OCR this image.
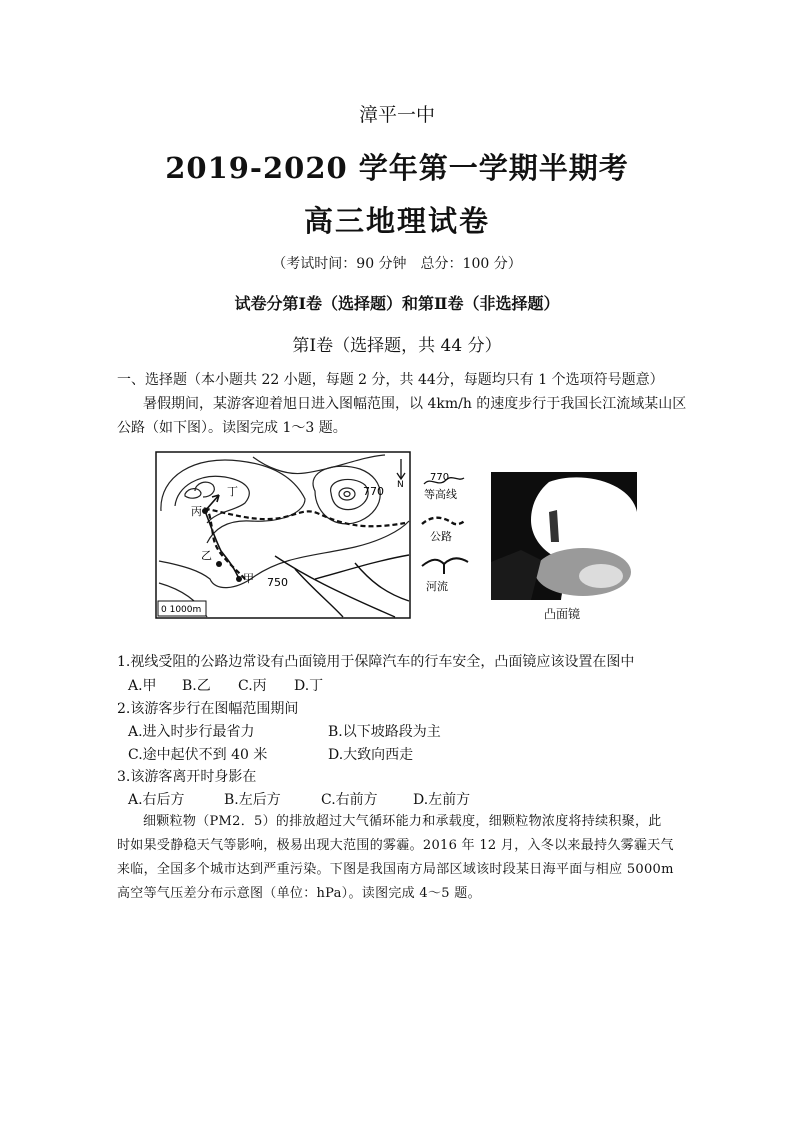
漳平一中
2019-2020 学年第一学期半期考
高三地理试卷
（考试时间：90 分钟　总分：100 分）
试卷分第Ⅰ卷（选择题）和第Ⅱ卷（非选择题）
第Ⅰ卷（选择题，共 44 分）
一、选择题（本小题共 22 小题，每题 2 分，共 44分，每题均只有 1 个选项符号题意）
暑假期间，某游客迎着旭日进入图幅范围，以 4km/h 的速度步行于我国长江流域某山区
公路（如下图）。读图完成 1～3 题。
甲
乙
丙
丁	770
750
N
0 1000m
770
等高线
公路
河流
凸面镜
1.视线受阻的公路边常设有凸面镜用于保障汽车的行车安全，凸面镜应该设置在图中
A.甲 B.乙 C.丙 D.丁
2.该游客步行在图幅范围期间
A.进入时步行最省力	B.以下坡路段为主
C.途中起伏不到 40 米	D.大致向西走
3.该游客离开时身影在
A.右后方	B.左后方	C.右前方	D.左前方
细颗粒物（PM2．5）的排放超过大气循环能力和承载度，细颗粒物浓度将持续积聚，此
时如果受静稳天气等影响，极易出现大范围的雾霾。2016 年 12 月，入冬以来最持久雾霾天气
来临，全国多个城市达到严重污染。下图是我国南方局部区域该时段某日海平面与相应 5000m
高空等气压差分布示意图（单位：hPa）。读图完成 4～5 题。
